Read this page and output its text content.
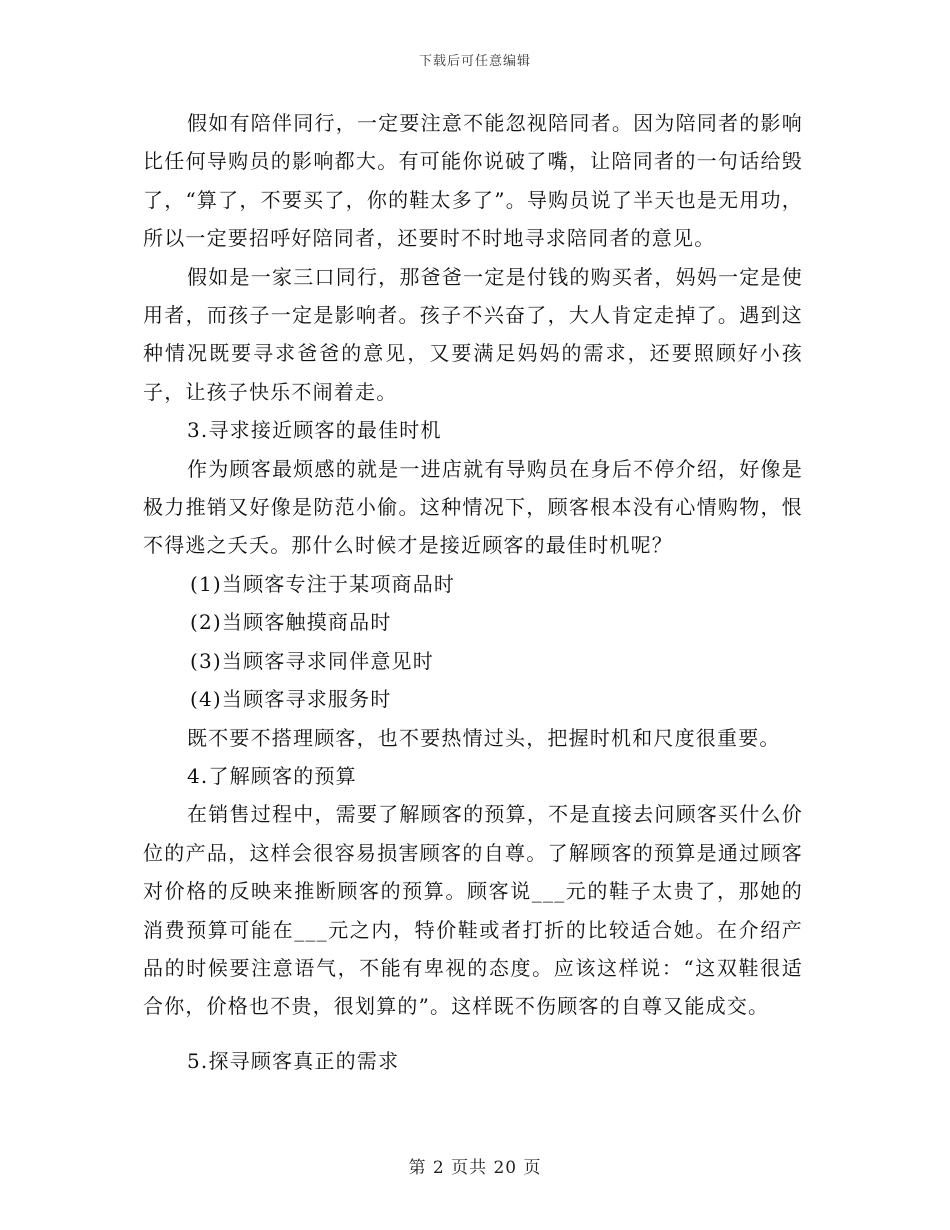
下载后可任意编辑

假如有陪伴同行，一定要注意不能忽视陪同者。因为陪同者的影响比任何导购员的影响都大。有可能你说破了嘴，让陪同者的一句话给毁了，“算了，不要买了，你的鞋太多了”。导购员说了半天也是无用功，所以一定要招呼好陪同者，还要时不时地寻求陪同者的意见。

假如是一家三口同行，那爸爸一定是付钱的购买者，妈妈一定是使用者，而孩子一定是影响者。孩子不兴奋了，大人肯定走掉了。遇到这种情况既要寻求爸爸的意见，又要满足妈妈的需求，还要照顾好小孩子，让孩子快乐不闹着走。

3.寻求接近顾客的最佳时机

作为顾客最烦感的就是一进店就有导购员在身后不停介绍，好像是极力推销又好像是防范小偷。这种情况下，顾客根本没有心情购物，恨不得逃之夭夭。那什么时候才是接近顾客的最佳时机呢？

(1)当顾客专注于某项商品时

(2)当顾客触摸商品时

(3)当顾客寻求同伴意见时

(4)当顾客寻求服务时

既不要不搭理顾客，也不要热情过头，把握时机和尺度很重要。

4.了解顾客的预算

在销售过程中，需要了解顾客的预算，不是直接去问顾客买什么价位的产品，这样会很容易损害顾客的自尊。了解顾客的预算是通过顾客对价格的反映来推断顾客的预算。顾客说___元的鞋子太贵了，那她的消费预算可能在___元之内，特价鞋或者打折的比较适合她。在介绍产品的时候要注意语气，不能有卑视的态度。应该这样说：“这双鞋很适合你，价格也不贵，很划算的”。这样既不伤顾客的自尊又能成交。

5.探寻顾客真正的需求

第 2 页共 20 页
